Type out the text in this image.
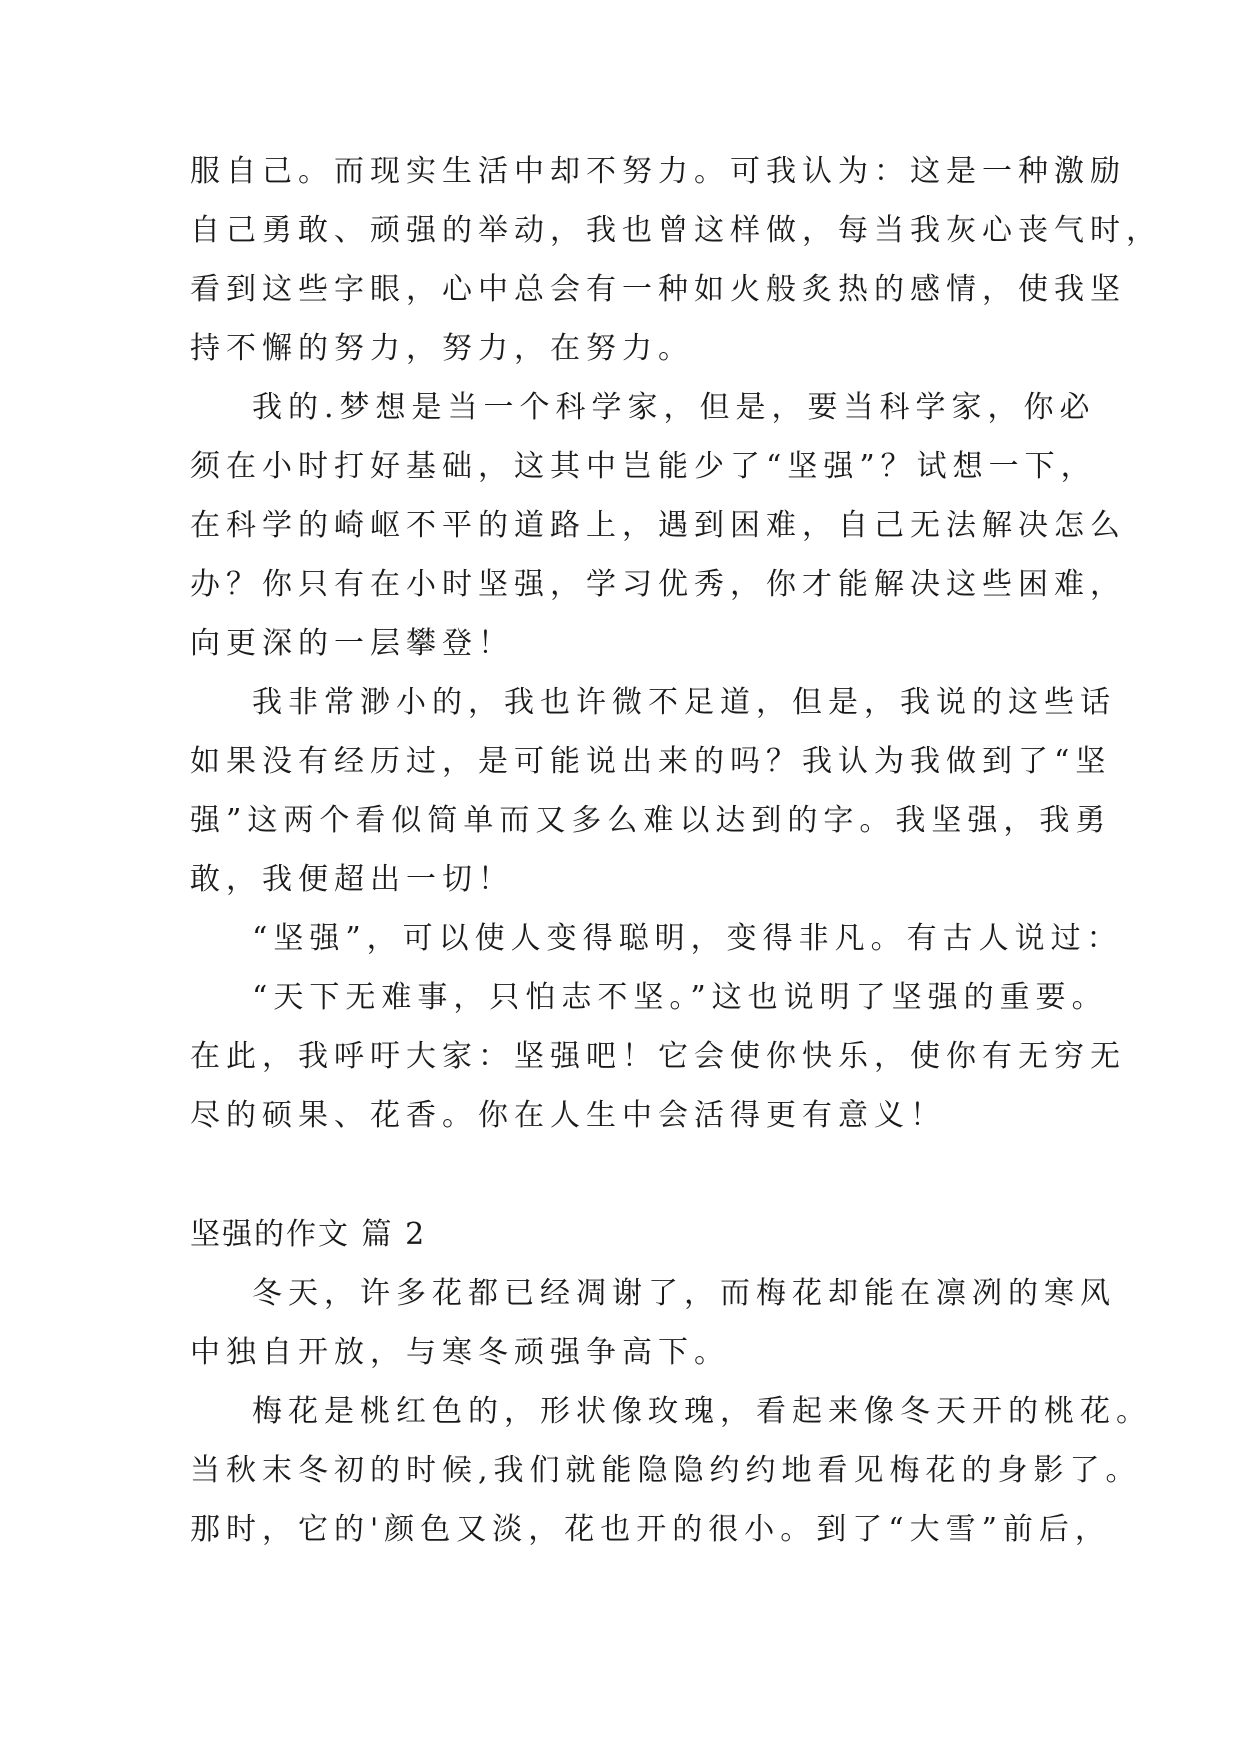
服自己。而现实生活中却不努力。可我认为：这是一种激励
自己勇敢、顽强的举动，我也曾这样做，每当我灰心丧气时，
看到这些字眼，心中总会有一种如火般炙热的感情，使我坚
持不懈的努力，努力，在努力。
我的.梦想是当一个科学家，但是，要当科学家，你必
须在小时打好基础，这其中岂能少了“坚强”？试想一下，
在科学的崎岖不平的道路上，遇到困难，自己无法解决怎么
办？你只有在小时坚强，学习优秀，你才能解决这些困难，
向更深的一层攀登！
我非常渺小的，我也许微不足道，但是，我说的这些话
如果没有经历过，是可能说出来的吗？我认为我做到了“坚
强”这两个看似简单而又多么难以达到的字。我坚强，我勇
敢，我便超出一切！
“坚强”，可以使人变得聪明，变得非凡。有古人说过：
“天下无难事，只怕志不坚。”这也说明了坚强的重要。
在此，我呼吁大家：坚强吧！它会使你快乐，使你有无穷无
尽的硕果、花香。你在人生中会活得更有意义！
坚强的作文 篇 2
冬天，许多花都已经凋谢了，而梅花却能在凛冽的寒风
中独自开放，与寒冬顽强争高下。
梅花是桃红色的，形状像玫瑰，看起来像冬天开的桃花。
当秋末冬初的时候,我们就能隐隐约约地看见梅花的身影了。
那时，它的'颜色又淡，花也开的很小。到了“大雪”前后，
